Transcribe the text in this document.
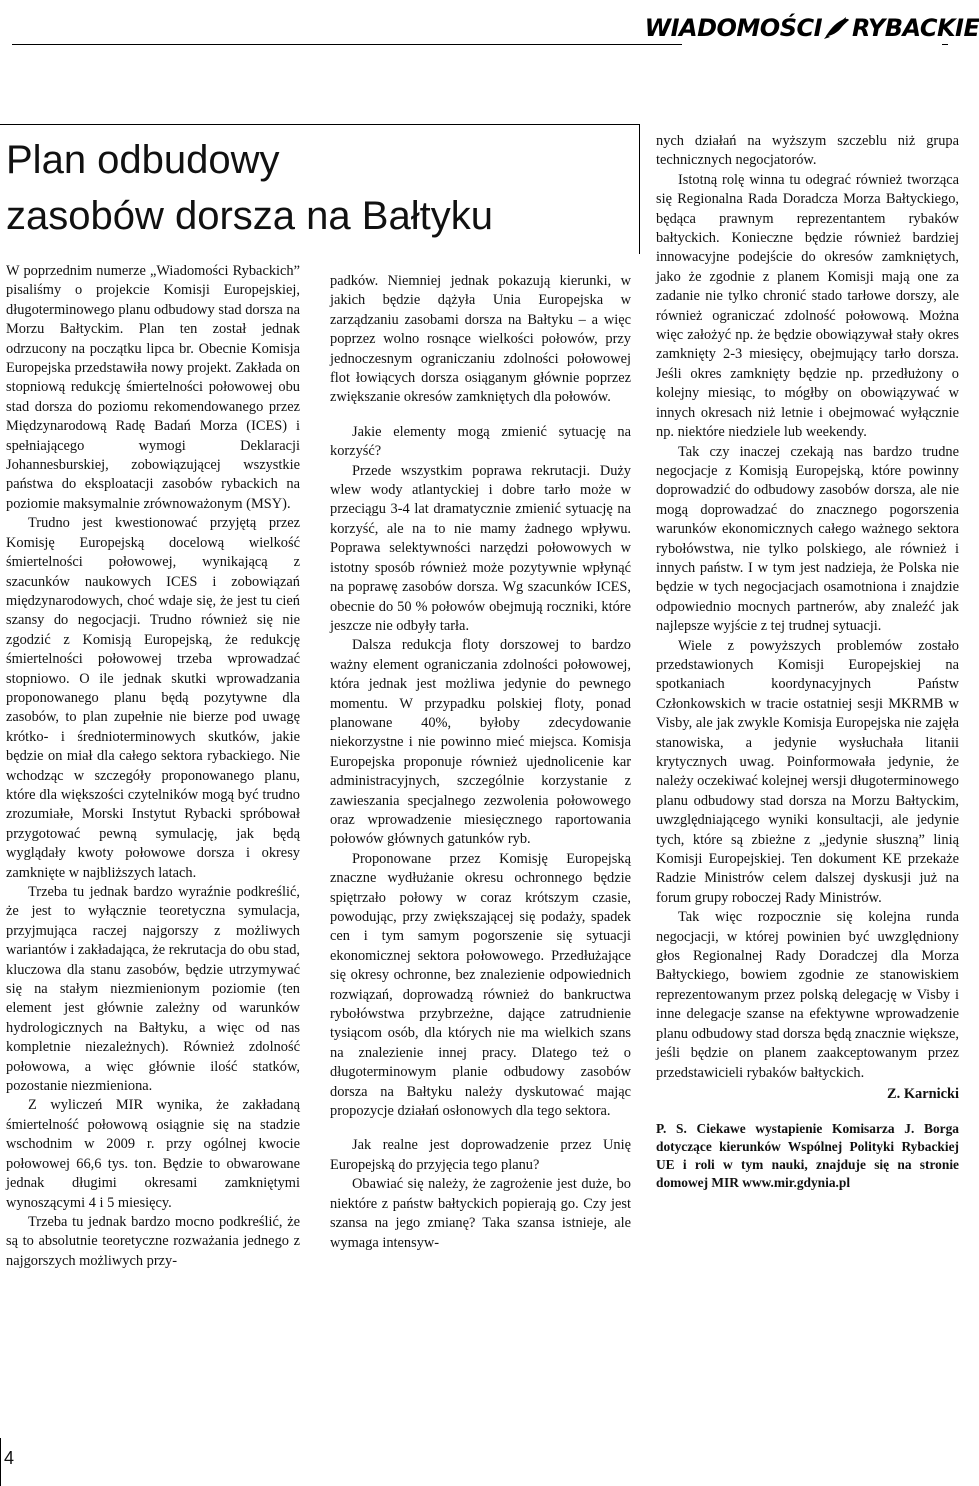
WIADOMOŚCI RYBACKIE
Plan odbudowy
zasobów dorsza na Bałtyku

W poprzednim numerze „Wiadomości Rybackich” pisaliśmy o projekcie Komisji Europejskiej, długoterminowego planu odbudowy stad dorsza na Morzu Bałtyckim. Plan ten został jednak odrzucony na początku lipca br. Obecnie Komisja Europejska przedstawiła nowy projekt. Zakłada on stopniową redukcję śmiertelności połowowej obu stad dorsza do poziomu rekomendowanego przez Międzynarodową Radę Badań Morza (ICES) i spełniającego wymogi Deklaracji Johannesburskiej, zobowiązującej wszystkie państwa do eksploatacji zasobów rybackich na poziomie maksymalnie zrównoważonym (MSY).

Trudno jest kwestionować przyjętą przez Komisję Europejską docelową wielkość śmiertelności połowowej, wynikającą z szacunków naukowych ICES i zobowiązań międzynarodowych, choć wdaje się, że jest tu cień szansy do negocjacji. Trudno również się nie zgodzić z Komisją Europejską, że redukcję śmiertelności połowowej trzeba wprowadzać stopniowo. O ile jednak skutki wprowadzania proponowanego planu będą pozytywne dla zasobów, to plan zupełnie nie bierze pod uwagę krótko- i średnioterminowych skutków, jakie będzie on miał dla całego sektora rybackiego. Nie wchodząc w szczegóły proponowanego planu, które dla większości czytelników mogą być trudno zrozumiałe, Morski Instytut Rybacki spróbował przygotować pewną symulację, jak będą wyglądały kwoty połowowe dorsza i okresy zamknięte w najbliższych latach.

Trzeba tu jednak bardzo wyraźnie podkreślić, że jest to wyłącznie teoretyczna symulacja, przyjmująca raczej najgorszy z możliwych wariantów i zakładająca, że rekrutacja do obu stad, kluczowa dla stanu zasobów, będzie utrzymywać się na stałym niezmienionym poziomie (ten element jest głównie zależny od warunków hydrologicznych na Bałtyku, a więc od nas kompletnie niezależnych). Również zdolność połowowa, a więc głównie ilość statków, pozostanie niezmieniona.

Z wyliczeń MIR wynika, że zakładaną śmiertelność połowową osiągnie się na stadzie wschodnim w 2009 r. przy ogólnej kwocie połowowej 66,6 tys. ton. Będzie to obwarowane jednak długimi okresami zamkniętymi wynoszącymi 4 i 5 miesięcy.

Trzeba tu jednak bardzo mocno podkreślić, że są to absolutnie teoretyczne rozważania jednego z najgorszych możliwych przy-

padków. Niemniej jednak pokazują kierunki, w jakich będzie dążyła Unia Europejska w zarządzaniu zasobami dorsza na Bałtyku – a więc poprzez wolno rosnące wielkości połowów, przy jednoczesnym ograniczaniu zdolności połowowej flot łowiących dorsza osiąganym głównie poprzez zwiększanie okresów zamkniętych dla połowów.

Jakie elementy mogą zmienić sytuację na korzyść?

Przede wszystkim poprawa rekrutacji. Duży wlew wody atlantyckiej i dobre tarło może w przeciągu 3-4 lat dramatycznie zmienić sytuację na korzyść, ale na to nie mamy żadnego wpływu. Poprawa selektywności narzędzi połowowych w istotny sposób również może pozytywnie wpłynąć na poprawę zasobów dorsza. Wg szacunków ICES, obecnie do 50 % połowów obejmują roczniki, które jeszcze nie odbyły tarła.

Dalsza redukcja floty dorszowej to bardzo ważny element ograniczania zdolności połowowej, która jednak jest możliwa jedynie do pewnego momentu. W przypadku polskiej floty, ponad planowane 40%, byłoby zdecydowanie niekorzystne i nie powinno mieć miejsca. Komisja Europejska proponuje również ujednolicenie kar administracyjnych, szczególnie korzystanie z zawieszania specjalnego zezwolenia połowowego oraz wprowadzenie miesięcznego raportowania połowów głównych gatunków ryb.

Proponowane przez Komisję Europejską znaczne wydłużanie okresu ochronnego będzie spiętrzało połowy w coraz krótszym czasie, powodując, przy zwiększającej się podaży, spadek cen i tym samym pogorszenie się sytuacji ekonomicznej sektora połowowego. Przedłużające się okresy ochronne, bez znalezienie odpowiednich rozwiązań, doprowadzą również do bankructwa rybołówstwa przybrzeżne, dające zatrudnienie tysiącom osób, dla których nie ma wielkich szans na znalezienie innej pracy. Dlatego też o długoterminowym planie odbudowy zasobów dorsza na Bałtyku należy dyskutować mając propozycje działań osłonowych dla tego sektora.

Jak realne jest doprowadzenie przez Unię Europejską do przyjęcia tego planu?

Obawiać się należy, że zagrożenie jest duże, bo niektóre z państw bałtyckich popierają go. Czy jest szansa na jego zmianę? Taka szansa istnieje, ale wymaga intensyw-

nych działań na wyższym szczeblu niż grupa technicznych negocjatorów.

Istotną rolę winna tu odegrać również tworząca się Regionalna Rada Doradcza Morza Bałtyckiego, będąca prawnym reprezentantem rybaków bałtyckich. Konieczne będzie również bardziej innowacyjne podejście do okresów zamkniętych, jako że zgodnie z planem Komisji mają one za zadanie nie tylko chronić stado tarłowe dorszy, ale również ograniczać zdolność połowową. Można więc założyć np. że będzie obowiązywał stały okres zamknięty 2-3 miesięcy, obejmujący tarło dorsza. Jeśli okres zamknięty będzie np. przedłużony o kolejny miesiąc, to mógłby on obowiązywać w innych okresach niż letnie i obejmować wyłącznie np. niektóre niedziele lub weekendy.

Tak czy inaczej czekają nas bardzo trudne negocjacje z Komisją Europejską, które powinny doprowadzić do odbudowy zasobów dorsza, ale nie mogą doprowadzać do znacznego pogorszenia warunków ekonomicznych całego ważnego sektora rybołówstwa, nie tylko polskiego, ale również i innych państw. I w tym jest nadzieja, że Polska nie będzie w tych negocjacjach osamotniona i znajdzie odpowiednio mocnych partnerów, aby znaleźć jak najlepsze wyjście z tej trudnej sytuacji.

Wiele z powyższych problemów zostało przedstawionych Komisji Europejskiej na spotkaniach koordynacyjnych Państw Członkowskich w tracie ostatniej sesji MKRMB w Visby, ale jak zwykle Komisja Europejska nie zajęła stanowiska, a jedynie wysłuchała litanii krytycznych uwag. Poinformowała jedynie, że należy oczekiwać kolejnej wersji długoterminowego planu odbudowy stad dorsza na Morzu Bałtyckim, uwzględniającego wyniki konsultacji, ale jedynie tych, które są zbieżne z „jedynie słuszną” linią Komisji Europejskiej. Ten dokument KE przekaże Radzie Ministrów celem dalszej dyskusji już na forum grupy roboczej Rady Ministrów.

Tak więc rozpocznie się kolejna runda negocjacji, w której powinien być uwzględniony głos Regionalnej Rady Doradczej dla Morza Bałtyckiego, bowiem zgodnie ze stanowiskiem reprezentowanym przez polską delegację w Visby i inne delegacje szanse na efektywne wprowadzenie planu odbudowy stad dorsza będą znacznie większe, jeśli będzie on planem zaakceptowanym przez przedstawicieli rybaków bałtyckich.

Z. Karnicki

P. S. Ciekawe wystapienie Komisarza J. Borga dotyczące kierunków Wspólnej Polityki Rybackiej UE i roli w tym nauki, znajduje się na stronie domowej MIR www.mir.gdynia.pl

4
